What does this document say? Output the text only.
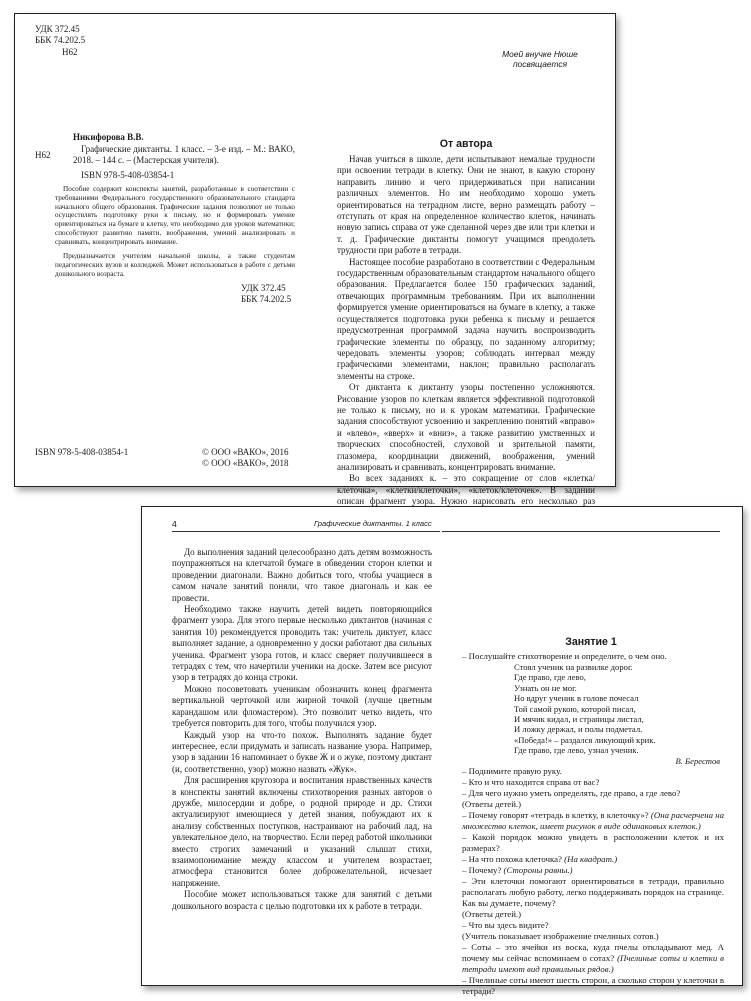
УДК 372.45
ББК 74.202.5
Н62
Н62
Никифорова В.В.
Графические диктанты. 1 класс. – 3-е изд. – М.: ВАКО, 2018. – 144 с. – (Мастерская учителя).
ISBN 978-5-408-03854-1
Пособие содержит конспекты занятий, разработанные в соответствии с требованиями Федерального государственного образовательного стандарта начального общего образования. Графические задания позволяют не только осуществлять подготовку руки к письму, но и формировать умение ориентироваться на бумаге в клетку, что необходимо для уроков математики; способствуют развитию памяти, воображения, умений анализировать и сравнивать, концентрировать внимание.
Предназначается учителям начальной школы, а также студентам педагогических вузов и колледжей. Может использоваться в работе с детьми дошкольного возраста.
УДК 372.45
ББК 74.202.5
ISBN 978-5-408-03854-1	© ООО «ВАКО», 2016
© ООО «ВАКО», 2018
Моей внучке Нюше
посвящается
От автора

Начав учиться в школе, дети испытывают немалые трудности при освоении тетради в клетку. Они не знают, в какую сторону направить линию и чего придерживаться при написании различных элементов. Но им необходимо хорошо уметь ориентироваться на тетрадном листе, верно размещать работу – отступать от края на определенное количество клеток, начинать новую запись справа от уже сделанной через две или три клетки и т. д. Графические диктанты помогут учащимся преодолеть трудности при работе в тетради.

Настоящее пособие разработано в соответствии с Федеральным государственным образовательным стандартом начального общего образования. Предлагается более 150 графических заданий, отвечающих программным требованиям. При их выполнении формируется умение ориентироваться на бумаге в клетку, а также осуществляется подготовка руки ребенка к письму и решается предусмотренная программой задача научить воспроизводить графические элементы по образцу, по заданному алгоритму; чередовать элементы узоров; соблюдать интервал между графическими элементами, наклон; правильно располагать элементы на строке.

От диктанта к диктанту узоры постепенно усложняются. Рисование узоров по клеткам является эффективной подготовкой не только к письму, но и к урокам математики. Графические задания способствуют усвоению и закреплению понятий «вправо» и «влево», «вверх» и «вниз», а также развитию умственных и творческих способностей, слуховой и зрительной памяти, глазомера, координации движений, воображения, умений анализировать и сравнивать, концентрировать внимание.

Во всех заданиях к. – это сокращение от слов «клетка/клеточка», «клетки/клеточки», «клеток/клеточек». В задании описан фрагмент узора. Нужно нарисовать его несколько раз

4	Графические диктанты. 1 класс

До выполнения заданий целесообразно дать детям возможность поупражняться на клетчатой бумаге в обведении сторон клетки и проведении диагонали. Важно добиться того, чтобы учащиеся в самом начале занятий поняли, что такое диагональ и как ее провести.

Необходимо также научить детей видеть повторяющийся фрагмент узора. Для этого первые несколько диктантов (начиная с занятия 10) рекомендуется проводить так: учитель диктует, класс выполняет задание, а одновременно у доски работают два сильных ученика. Фрагмент узора готов, и класс сверяет получившееся в тетрадях с тем, что начертили ученики на доске. Затем все рисуют узор в тетрадях до конца строки.

Можно посоветовать ученикам обозначить конец фрагмента вертикальной черточкой или жирной точкой (лучше цветным карандашом или фломастером). Это позволит четко видеть, что требуется повторить для того, чтобы получился узор.

Каждый узор на что-то похож. Выполнять задание будет интереснее, если придумать и записать название узора. Например, узор в задании 16 напоминает о букве Ж и о жуке, поэтому диктант (и, соответственно, узор) можно назвать «Жук».

Для расширения кругозора и воспитания нравственных качеств в конспекты занятий включены стихотворения разных авторов о дружбе, милосердии и добре, о родной природе и др. Стихи актуализируют имеющиеся у детей знания, побуждают их к анализу собственных поступков, настраивают на рабочий лад, на увлекательное дело, на творчество. Если перед работой школьники вместо строгих замечаний и указаний слышат стихи, взаимопонимание между классом и учителем возрастает, атмосфера становится более доброжелательной, исчезает напряжение.

Пособие может использоваться также для занятий с детьми дошкольного возраста с целью подготовки их к работе в тетради.

Занятие 1

– Послушайте стихотворение и определите, о чем оно.

Стоял ученик на развилке дорог.
Где право, где лево,
Узнать он не мог.
Но вдруг ученик в голове почесал
Той самой рукою, которой писал,
И мячик кидал, и страницы листал,
И ложку держал, и полы подметал.
«Победа!» – раздался ликующий крик.
Где право, где лево, узнал ученик.
В. Берестов

– Поднимите правую руку.

– Кто и что находится справа от вас?

– Для чего нужно уметь определять, где право, а где лево?

(Ответы детей.)

– Почему говорят «тетрадь в клетку, в клеточку»? (Она расчерчена на множество клеток, имеет рисунок в виде одинаковых клеток.)

– Какой порядок можно увидеть в расположении клеток и их размерах?

– На что похожа клеточка? (На квадрат.)

– Почему? (Стороны равны.)

– Эти клеточки помогают ориентироваться в тетради, правильно располагать любую работу, легко поддерживать порядок на странице. Как вы думаете, почему?

(Ответы детей.)

– Что вы здесь видите?

(Учитель показывает изображение пчелиных сотов.)

– Соты – это ячейки из воска, куда пчелы откладывают мед. А почему мы сейчас вспоминаем о сотах? (Пчелиные соты и клетки в тетради имеют вид правильных рядов.)

– Пчелиные соты имеют шесть сторон, а сколько сторон у клеточки в тетради?
